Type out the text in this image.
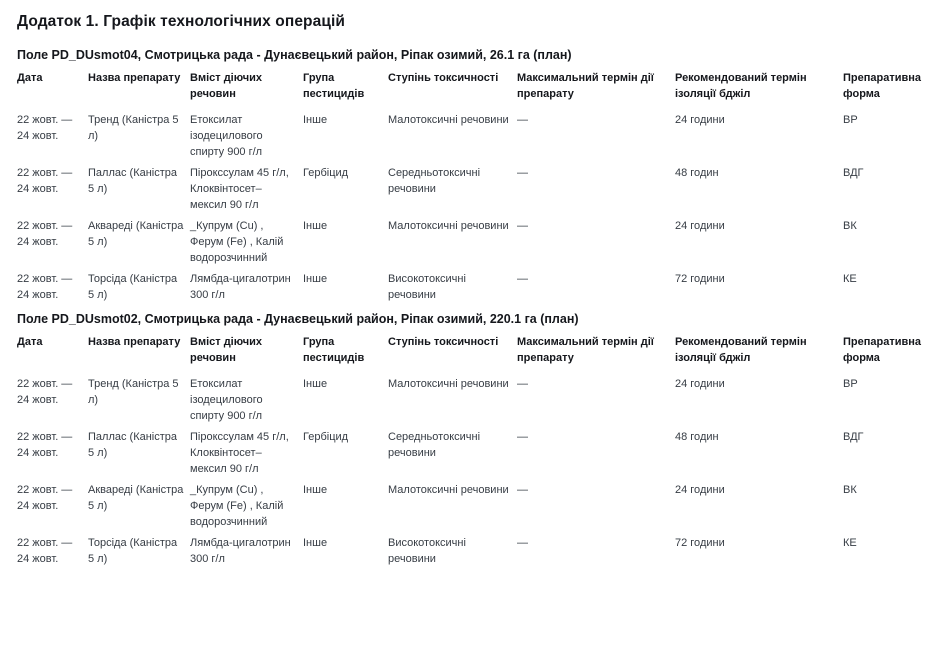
Додаток 1. Графік технологічних операцій
Поле PD_DUsmot04, Смотрицька рада - Дунаєвецький район, Ріпак озимий, 26.1 га (план)
Дата	Назва препарату	Вміст діючих речовин	Група пестицидів	Ступінь токсичності	Максимальний термін дії препарату	Рекомендований термін ізоляції бджіл	Препаративна форма
22 жовт. — 24 жовт.	Тренд (Каністра 5 л)	Етоксилат ізодецилового спирту 900 г/л	Інше	Малотоксичні речовини	—	24 години	ВР
22 жовт. — 24 жовт.	Паллас (Каністра 5 л)	Пірокссулам 45 г/л, Клоквінтосет–мексил 90 г/л	Гербіцид	Середньотоксичні речовини	—	48 годин	ВДГ
22 жовт. — 24 жовт.	Аквареді (Каністра 5 л)	_Купрум (Cu) , Ферум (Fe) , Калій водорозчинний	Інше	Малотоксичні речовини	—	24 години	ВК
22 жовт. — 24 жовт.	Торсіда (Каністра 5 л)	Лямбда-цигалотрин 300 г/л	Інше	Високотоксичні речовини	—	72 години	КЕ
Поле PD_DUsmot02, Смотрицька рада - Дунаєвецький район, Ріпак озимий, 220.1 га (план)
Дата	Назва препарату	Вміст діючих речовин	Група пестицидів	Ступінь токсичності	Максимальний термін дії препарату	Рекомендований термін ізоляції бджіл	Препаративна форма
22 жовт. — 24 жовт.	Тренд (Каністра 5 л)	Етоксилат ізодецилового спирту 900 г/л	Інше	Малотоксичні речовини	—	24 години	ВР
22 жовт. — 24 жовт.	Паллас (Каністра 5 л)	Пірокссулам 45 г/л, Клоквінтосет–мексил 90 г/л	Гербіцид	Середньотоксичні речовини	—	48 годин	ВДГ
22 жовт. — 24 жовт.	Аквареді (Каністра 5 л)	_Купрум (Cu) , Ферум (Fe) , Калій водорозчинний	Інше	Малотоксичні речовини	—	24 години	ВК
22 жовт. — 24 жовт.	Торсіда (Каністра 5 л)	Лямбда-цигалотрин 300 г/л	Інше	Високотоксичні речовини	—	72 години	КЕ
